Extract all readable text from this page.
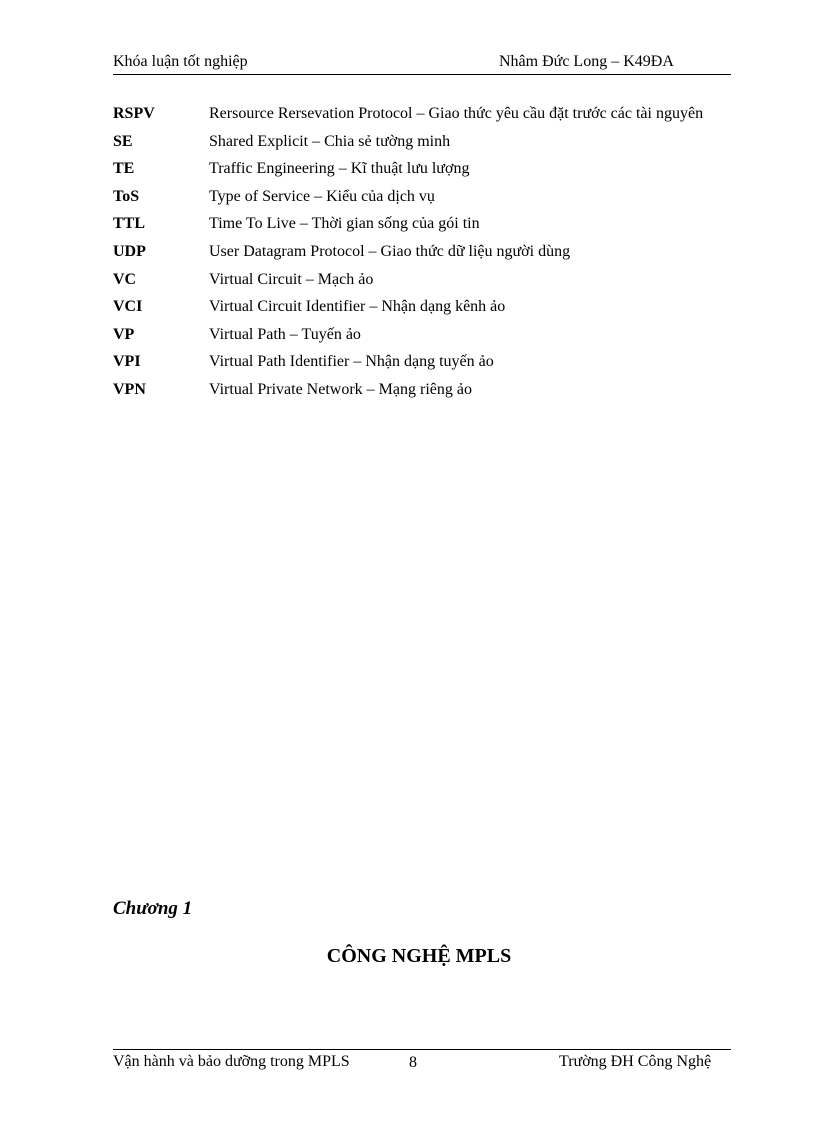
Khóa luận tốt nghiệp	Nhâm Đức Long – K49ĐA
RSPV	Rersource Rersevation Protocol – Giao thức yêu cầu đặt trước các tài nguyên
SE	Shared Explicit – Chia sẻ tường minh
TE	Traffic Engineering – Kĩ thuật lưu lượng
ToS	Type of Service – Kiểu của dịch vụ
TTL	Time To Live – Thời gian sống của gói tin
UDP	User Datagram Protocol – Giao thức dữ liệu người dùng
VC	Virtual Circuit – Mạch ảo
VCI	Virtual Circuit Identifier – Nhận dạng kênh ảo
VP	Virtual Path – Tuyến ảo
VPI	Virtual Path Identifier – Nhận dạng tuyến ảo
VPN	Virtual Private Network – Mạng riêng ảo
Chương 1
CÔNG NGHỆ MPLS
Vận hành và bảo dưỡng trong MPLS	8	Trường ĐH Công Nghệ
